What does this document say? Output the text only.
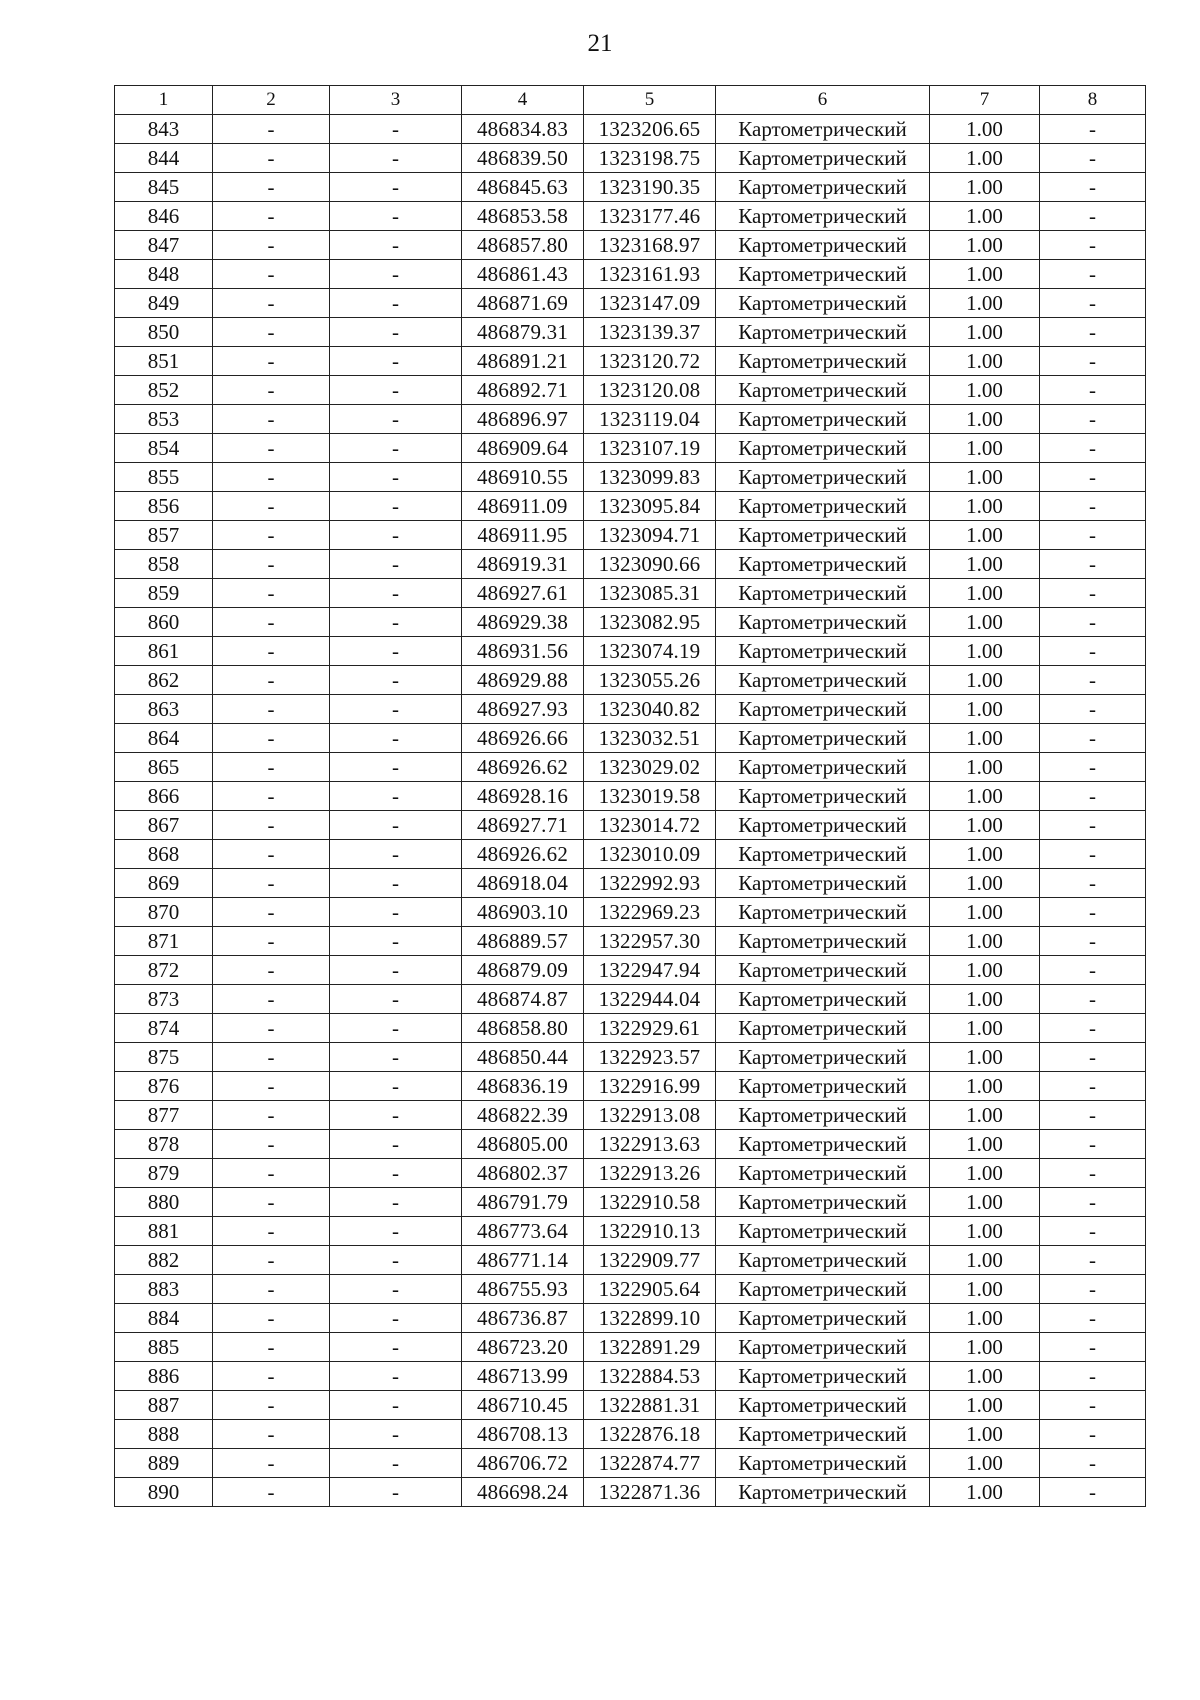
21
1	2	3	4	5	6	7	8
843	-	-	486834.83	1323206.65	Картометрический	1.00	-
844	-	-	486839.50	1323198.75	Картометрический	1.00	-
845	-	-	486845.63	1323190.35	Картометрический	1.00	-
846	-	-	486853.58	1323177.46	Картометрический	1.00	-
847	-	-	486857.80	1323168.97	Картометрический	1.00	-
848	-	-	486861.43	1323161.93	Картометрический	1.00	-
849	-	-	486871.69	1323147.09	Картометрический	1.00	-
850	-	-	486879.31	1323139.37	Картометрический	1.00	-
851	-	-	486891.21	1323120.72	Картометрический	1.00	-
852	-	-	486892.71	1323120.08	Картометрический	1.00	-
853	-	-	486896.97	1323119.04	Картометрический	1.00	-
854	-	-	486909.64	1323107.19	Картометрический	1.00	-
855	-	-	486910.55	1323099.83	Картометрический	1.00	-
856	-	-	486911.09	1323095.84	Картометрический	1.00	-
857	-	-	486911.95	1323094.71	Картометрический	1.00	-
858	-	-	486919.31	1323090.66	Картометрический	1.00	-
859	-	-	486927.61	1323085.31	Картометрический	1.00	-
860	-	-	486929.38	1323082.95	Картометрический	1.00	-
861	-	-	486931.56	1323074.19	Картометрический	1.00	-
862	-	-	486929.88	1323055.26	Картометрический	1.00	-
863	-	-	486927.93	1323040.82	Картометрический	1.00	-
864	-	-	486926.66	1323032.51	Картометрический	1.00	-
865	-	-	486926.62	1323029.02	Картометрический	1.00	-
866	-	-	486928.16	1323019.58	Картометрический	1.00	-
867	-	-	486927.71	1323014.72	Картометрический	1.00	-
868	-	-	486926.62	1323010.09	Картометрический	1.00	-
869	-	-	486918.04	1322992.93	Картометрический	1.00	-
870	-	-	486903.10	1322969.23	Картометрический	1.00	-
871	-	-	486889.57	1322957.30	Картометрический	1.00	-
872	-	-	486879.09	1322947.94	Картометрический	1.00	-
873	-	-	486874.87	1322944.04	Картометрический	1.00	-
874	-	-	486858.80	1322929.61	Картометрический	1.00	-
875	-	-	486850.44	1322923.57	Картометрический	1.00	-
876	-	-	486836.19	1322916.99	Картометрический	1.00	-
877	-	-	486822.39	1322913.08	Картометрический	1.00	-
878	-	-	486805.00	1322913.63	Картометрический	1.00	-
879	-	-	486802.37	1322913.26	Картометрический	1.00	-
880	-	-	486791.79	1322910.58	Картометрический	1.00	-
881	-	-	486773.64	1322910.13	Картометрический	1.00	-
882	-	-	486771.14	1322909.77	Картометрический	1.00	-
883	-	-	486755.93	1322905.64	Картометрический	1.00	-
884	-	-	486736.87	1322899.10	Картометрический	1.00	-
885	-	-	486723.20	1322891.29	Картометрический	1.00	-
886	-	-	486713.99	1322884.53	Картометрический	1.00	-
887	-	-	486710.45	1322881.31	Картометрический	1.00	-
888	-	-	486708.13	1322876.18	Картометрический	1.00	-
889	-	-	486706.72	1322874.77	Картометрический	1.00	-
890	-	-	486698.24	1322871.36	Картометрический	1.00	-
